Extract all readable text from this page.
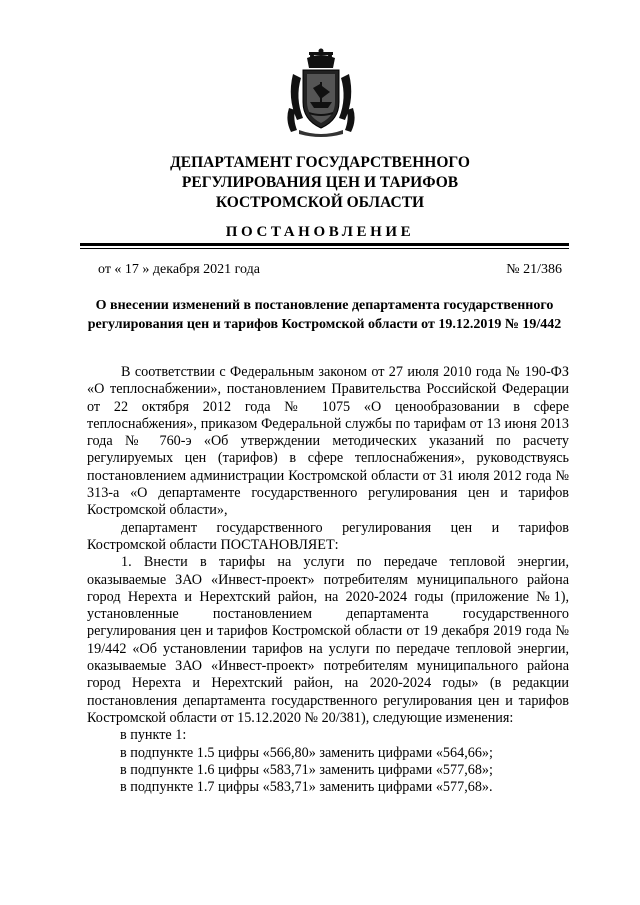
ДЕПАРТАМЕНТ ГОСУДАРСТВЕННОГО
РЕГУЛИРОВАНИЯ ЦЕН И ТАРИФОВ
КОСТРОМСКОЙ ОБЛАСТИ
ПОСТАНОВЛЕНИЕ
от « 17 » декабря 2021 года	№ 21/386
О внесении изменений в постановление департамента государственного
регулирования цен и тарифов Костромской области от 19.12.2019 № 19/442

В соответствии с Федеральным законом от 27 июля 2010 года № 190-ФЗ «О теплоснабжении», постановлением Правительства Российской Федерации от 22 октября 2012 года № 1075 «О ценообразовании в сфере теплоснабжения», приказом Федеральной службы по тарифам от 13 июня 2013 года № 760-э «Об утверждении методических указаний по расчету регулируемых цен (тарифов) в сфере теплоснабжения», руководствуясь постановлением администрации Костромской области от 31 июля 2012 года № 313-а «О департаменте государственного регулирования цен и тарифов Костромской области»,

департамент государственного регулирования цен и тарифов Костромской области ПОСТАНОВЛЯЕТ:

1. Внести в тарифы на услуги по передаче тепловой энергии, оказываемые ЗАО «Инвест-проект» потребителям муниципального района город Нерехта и Нерехтский район, на 2020-2024 годы (приложение №1), установленные постановлением департамента государственного регулирования цен и тарифов Костромской области от 19 декабря 2019 года № 19/442 «Об установлении тарифов на услуги по передаче тепловой энергии, оказываемые ЗАО «Инвест-проект» потребителям муниципального района город Нерехта и Нерехтский район, на 2020-2024 годы» (в редакции постановления департамента государственного регулирования цен и тарифов Костромской области от 15.12.2020 № 20/381), следующие изменения:

в пункте 1:

в подпункте 1.5 цифры «566,80» заменить цифрами «564,66»;

в подпункте 1.6 цифры «583,71» заменить цифрами «577,68»;

в подпункте 1.7 цифры «583,71» заменить цифрами «577,68».
